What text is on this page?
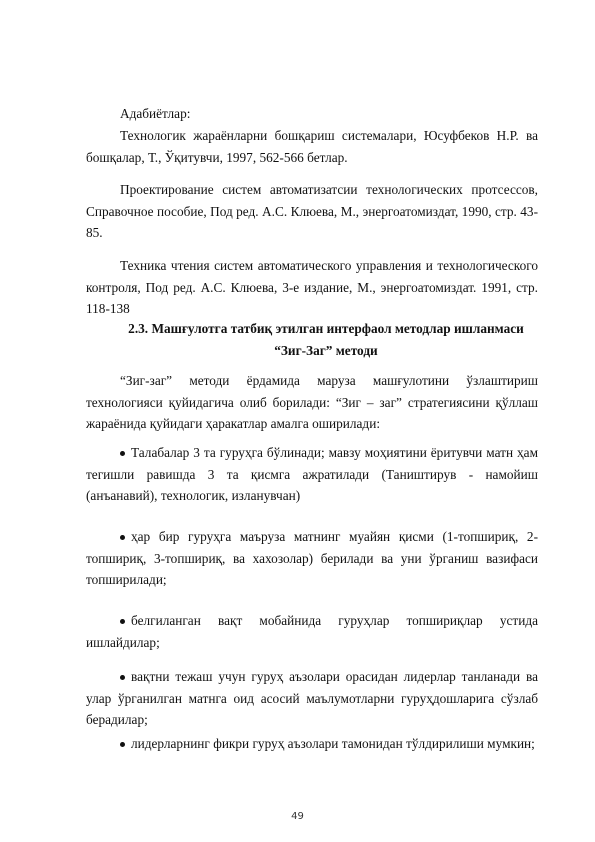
Адабиётлар:

Технологик жараёнларни бошқариш системалари, Юсуфбеков Н.Р. ва бошқалар, Т., Ўқитувчи, 1997, 562-566 бетлар.

Проектирование систем автоматизатсии технологических протсессов, Справочное пособие, Под ред. А.С. Клюева, М., энергоатомиздат, 1990, стр. 43-85.

Техника чтения систем автоматического управления и технологического контроля, Под ред. А.С. Клюева, 3-е издание, М., энергоатомиздат. 1991, стр. 118-138

2.3. Машғулотга татбиқ этилган интерфаол методлар ишланмаси

“Зиг-Заг” методи

“Зиг-заг” методи ёрдамида маруза машғулотини ўзлаштириш технологияси қуйидагича олиб борилади: “Зиг – заг” стратегиясини қўллаш жараёнида қуйидаги ҳаракатлар амалга оширилади:

Талабалар 3 та гуруҳга бўлинади; мавзу моҳиятини ёритувчи матн ҳам тегишли равишда 3 та қисмга ажратилади (Таништирув - намойиш (анъанавий), технологик, изланувчан)

ҳар бир гуруҳга маъруза матнинг муайян қисми (1-топшириқ, 2-топшириқ, 3-топшириқ, ва хахозолар) берилади ва уни ўрганиш вазифаси топширилади;

белгиланган вақт мобайнида гуруҳлар топшириқлар устида ишлайдилар;

вақтни тежаш учун гуруҳ аъзолари орасидан лидерлар танланади ва улар ўрганилган матнга оид асосий маълумотларни гуруҳдошларига сўзлаб берадилар;

лидерларнинг фикри гуруҳ аъзолари тамонидан тўлдирилиши мумкин;

49
